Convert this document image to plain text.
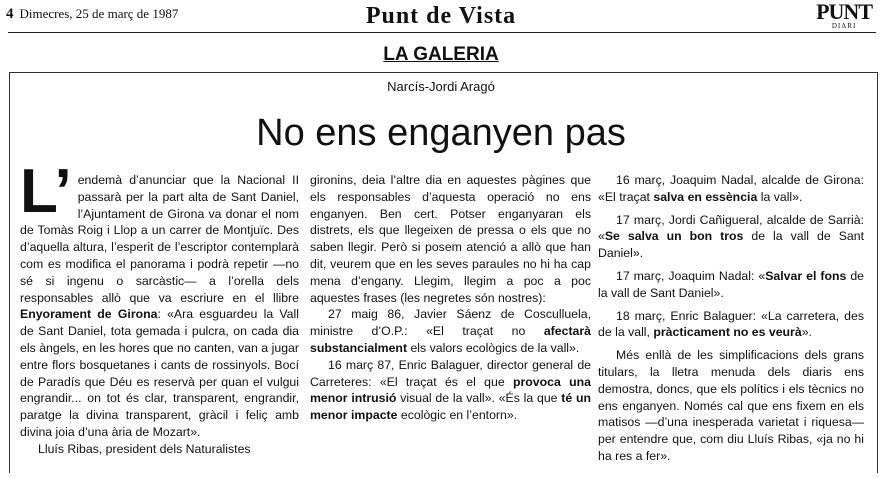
4 Dimecres, 25 de març de 1987	Punt de Vista	PUNT
DIARI
LA GALERIA
Narcís-Jordi Aragó
No ens enganyen pas

L’ endemà d’anunciar que la Nacional II passarà per la part alta de Sant Daniel, l’Ajuntament de Girona va donar el nom de Tomàs Roig i Llop a un carrer de Montjuïc. Des d’aquella altura, l’esperit de l’escriptor contemplarà com es modifica el panorama i podrà repetir —no sé si ingenu o sarcàstic— a l’orella dels responsables allò que va escriure en el llibre Enyorament de Girona: «Ara esguardeu la Vall de Sant Daniel, tota gemada i pulcra, on cada dia els àngels, en les hores que no canten, van a jugar entre flors bosquetanes i cants de rossinyols. Bocí de Paradís que Déu es reservà per quan el vulgui engrandir... on tot és clar, transparent, engrandir, paratge la divina transparent, gràcil i feliç amb divina joia d’una ària de Mozart».

Lluís Ribas, president dels Naturalistes

gironins, deia l’altre dia en aquestes pàgines que els responsables d’aquesta operació no ens enganyen. Ben cert. Potser enganyaran els distrets, els que llegeixen de pressa o els que no saben llegir. Però si posem atenció a allò que han dit, veurem que en les seves paraules no hi ha cap mena d’engany. Llegim, llegim a poc a poc aquestes frases (les negretes són nostres):

27 maig 86, Javier Sáenz de Cosculluela, ministre d’O.P.: «El traçat no afectarà substancialment els valors ecològics de la vall».

16 març 87, Enric Balaguer, director general de Carreteres: «El traçat és el que provoca una menor intrusió visual de la vall». «És la que té un menor impacte ecològic en l’entorn».

16 març, Joaquim Nadal, alcalde de Girona: «El traçat salva en essència la vall».

17 març, Jordi Cañigueral, alcalde de Sarrià: «Se salva un bon tros de la vall de Sant Daniel».

17 març, Joaquim Nadal: «Salvar el fons de la vall de Sant Daniel».

18 març, Enric Balaguer: «La carretera, des de la vall, pràcticament no es veurà».

Més enllà de les simplificacions dels grans titulars, la lletra menuda dels diaris ens demostra, doncs, que els polítics i els tècnics no ens enganyen. Només cal que ens fixem en els matisos —d’una inesperada varietat i riquesa— per entendre que, com diu Lluís Ribas, «ja no hi ha res a fer».
